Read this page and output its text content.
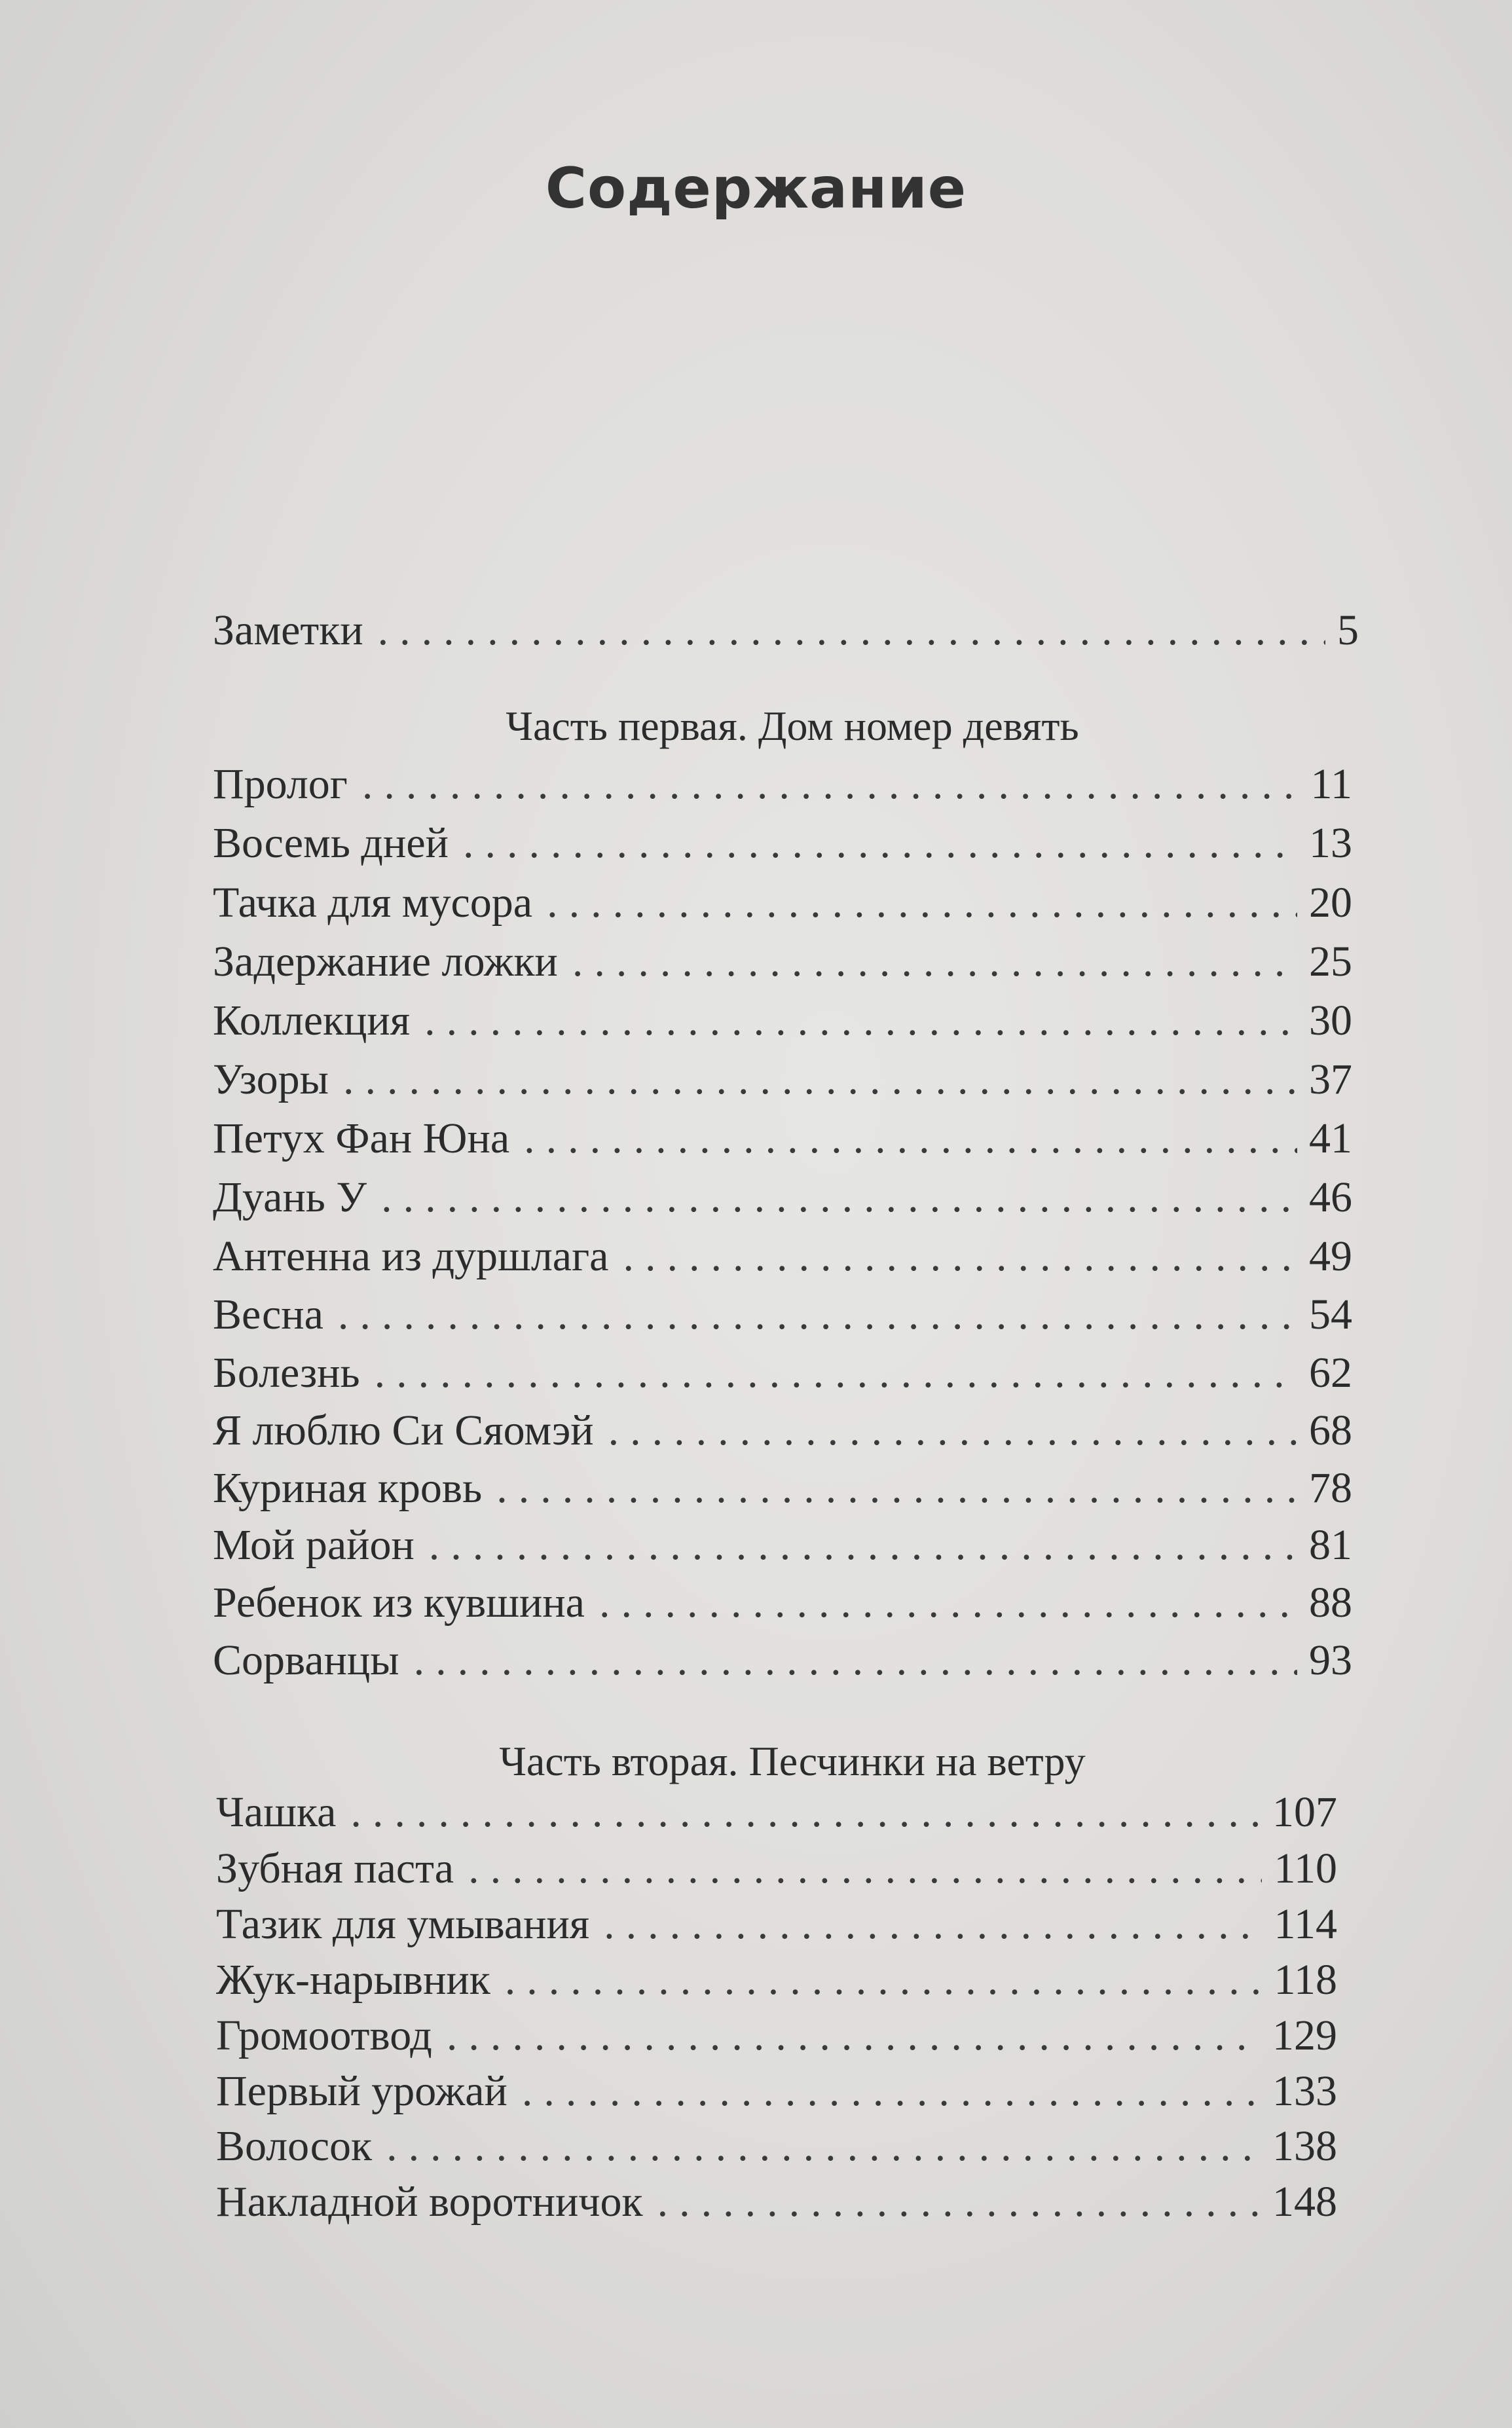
Содержание
Заметки .....	5
Часть первая. Дом номер девять
Пролог .....	11
Восемь дней .....	13
Тачка для мусора .....	20
Задержание ложки .....	25
Коллекция .....	30
Узоры .....	37
Петух Фан Юна .....	41
Дуань У .....	46
Антенна из дуршлага .....	49
Весна .....	54
Болезнь .....	62
Я люблю Си Сяомэй .....	68
Куриная кровь .....	78
Мой район .....	81
Ребенок из кувшина .....	88
Сорванцы .....	93
Часть вторая. Песчинки на ветру
Чашка .....	107
Зубная паста .....	110
Тазик для умывания .....	114
Жук-нарывник .....	118
Громоотвод .....	129
Первый урожай .....	133
Волосок .....	138
Накладной воротничок .....	148
